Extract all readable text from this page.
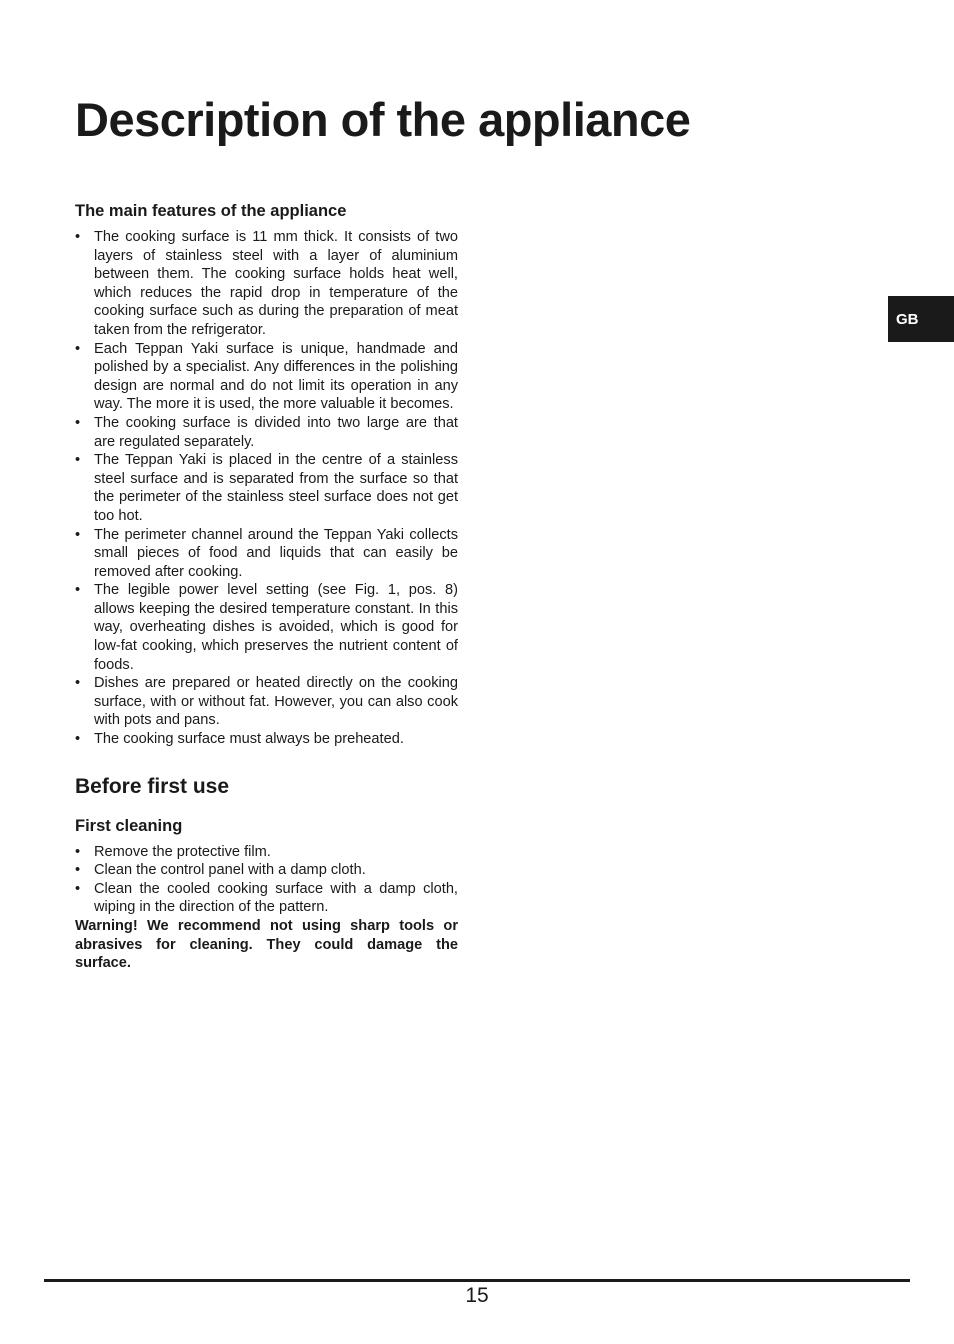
Description of the appliance
GB
The main features of the appliance
• The cooking surface is 11 mm thick. It consists of two layers of stainless steel with a layer of aluminium between them. The cooking surface holds heat well, which reduces the rapid drop in temperature of the cooking surface such as during the preparation of meat taken from the refrigerator.
• Each Teppan Yaki surface is unique, handmade and polished by a specialist. Any differences in the polishing design are normal and do not limit its operation in any way. The more it is used, the more valuable it becomes.
• The cooking surface is divided into two large are that are regulated separately.
• The Teppan Yaki is placed in the centre of a stainless steel surface and is separated from the surface so that the perimeter of the stainless steel surface does not get too hot.
• The perimeter channel around the Teppan Yaki collects small pieces of food and liquids that can easily be removed after cooking.
• The legible power level setting (see Fig. 1, pos. 8) allows keeping the desired temperature constant. In this way, overheating dishes is avoided, which is good for low-fat cooking, which preserves the nutrient content of foods.
• Dishes are prepared or heated directly on the cooking surface, with or without fat. However, you can also cook with pots and pans.
• The cooking surface must always be preheated.
Before first use
First cleaning
• Remove the protective film.
• Clean the control panel with a damp cloth.
• Clean the cooled cooking surface with a damp cloth, wiping in the direction of the pattern.

Warning! We recommend not using sharp tools or abrasives for cleaning. They could damage the surface.

15
